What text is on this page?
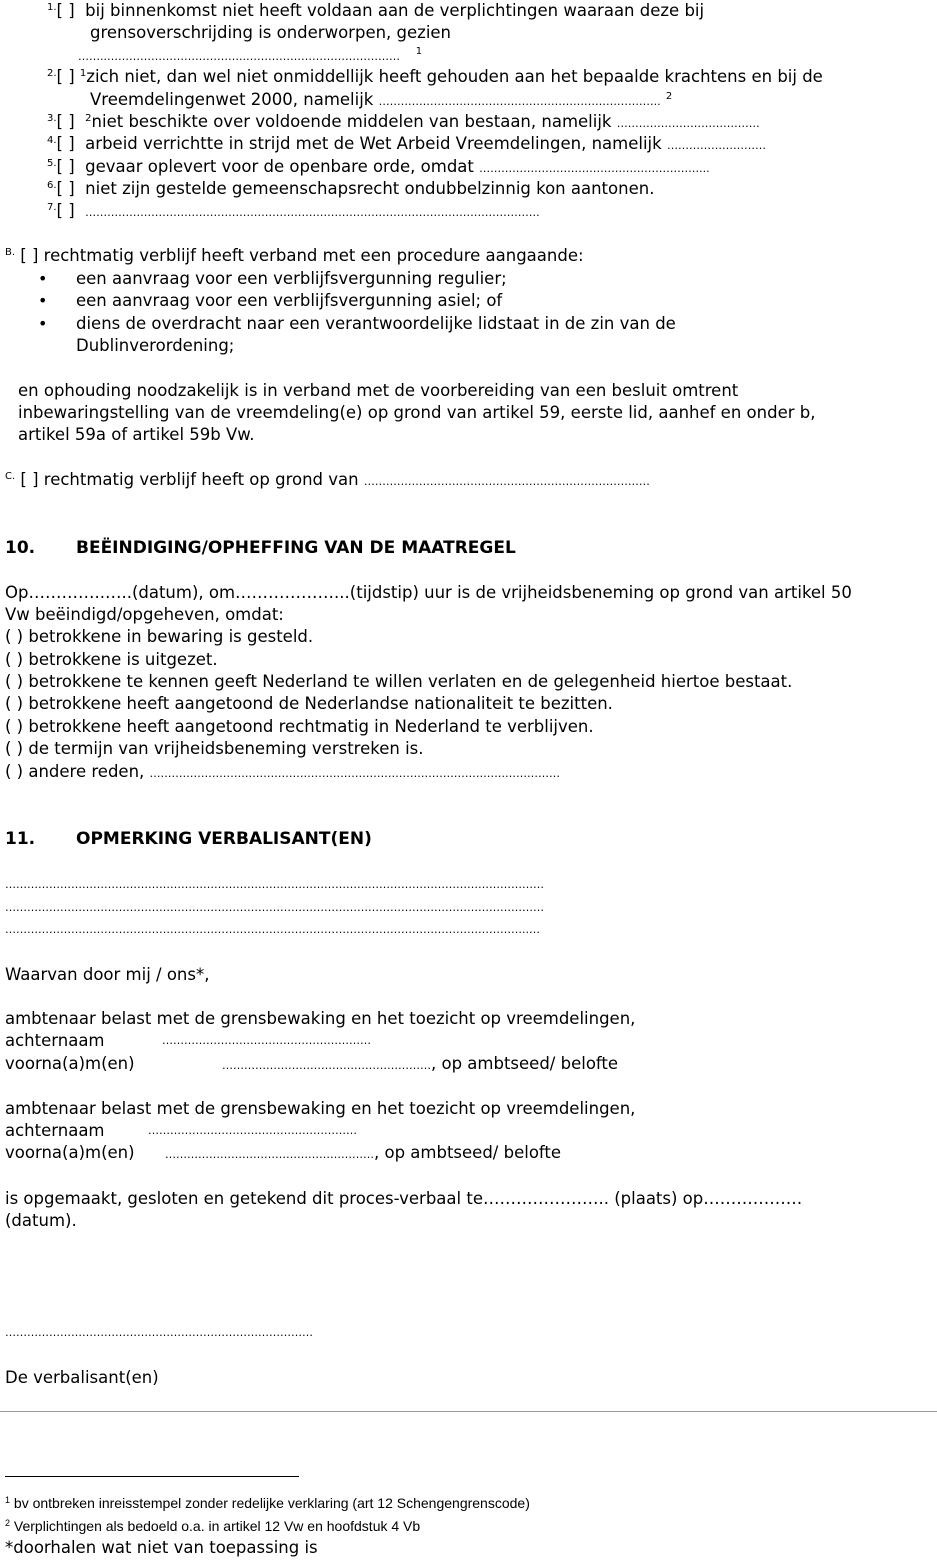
$^{1.}$[ ] bij binnenkomst niet heeft voldaan aan de verplichtingen waaraan deze bij
grensoverschrijding is onderworpen, gezien
……..………………………………..…………………………………… $^1$
$^{2.}$[ ] $^1$zich niet, dan wel niet onmiddellijk heeft gehouden aan het bepaalde krachtens en bij de
Vreemdelingenwet 2000, namelijk ………………………………………………………………….. $^2$
$^{3.}$[ ] $^2$niet beschikte over voldoende middelen van bestaan, namelijk …………………………………
$^{4.}$[ ] arbeid verrichtte in strijd met de Wet Arbeid Vreemdelingen, namelijk ………………………
$^{5.}$[ ] gevaar oplevert voor de openbare orde, omdat ……………………………………………………...
$^{6.}$[ ] niet zijn gestelde gemeenschapsrecht ondubbelzinnig kon aantonen.
$^{7.}$[ ] …………………………………………………………………………………………………………….
$^{B.}$ [ ] rechtmatig verblijf heeft verband met een procedure aangaande:
• een aanvraag voor een verblijfsvergunning regulier;
• een aanvraag voor een verblijfsvergunning asiel; of
• diens de overdracht naar een verantwoordelijke lidstaat in de zin van de
Dublinverordening;
en ophouding noodzakelijk is in verband met de voorbereiding van een besluit omtrent
inbewaringstelling van de vreemdeling(e) op grond van artikel 59, eerste lid, aanhef en onder b,
artikel 59a of artikel 59b Vw.
$^{C.}$ [ ] rechtmatig verblijf heeft op grond van ……………………………………………………………………
10. BEËINDIGING/OPHEFFING VAN DE MAATREGEL
Op…………..…..(datum), om………………...(tijdstip) uur is de vrijheidsbeneming op grond van artikel 50
Vw beëindigd/opgeheven, omdat:
( ) betrokkene in bewaring is gesteld.
( ) betrokkene is uitgezet.
( ) betrokkene te kennen geeft Nederland te willen verlaten en de gelegenheid hiertoe bestaat.
( ) betrokkene heeft aangetoond de Nederlandse nationaliteit te bezitten.
( ) betrokkene heeft aangetoond rechtmatig in Nederland te verblijven.
( ) de termijn van vrijheidsbeneming verstreken is.
( ) andere reden, …………………………………………………………………………………….……………
11. OPMERKING VERBALISANT(EN)
…………………………………………………………………………………………………………………………………
…………………………………………………………………………………………………………………………………
……………………………………………………………………………………………………………………………..…
Waarvan door mij / ons*,
ambtenaar belast met de grensbewaking en het toezicht op vreemdelingen,
achternaam	…………………………………………………
voorna(a)m(en)	…………………………………………………, op ambtseed/ belofte
ambtenaar belast met de grensbewaking en het toezicht op vreemdelingen,
achternaam	…………………………………………………
voorna(a)m(en)	…………………………………………………, op ambtseed/ belofte
is opgemaakt, gesloten en getekend dit proces-verbaal te………………….. (plaats) op………………
(datum).
…………………………………………………………………………
De verbalisant(en)
$^1$ bv ontbreken inreisstempel zonder redelijke verklaring (art 12 Schengengrenscode)
$^2$ Verplichtingen als bedoeld o.a. in artikel 12 Vw en hoofdstuk 4 Vb
*doorhalen wat niet van toepassing is
